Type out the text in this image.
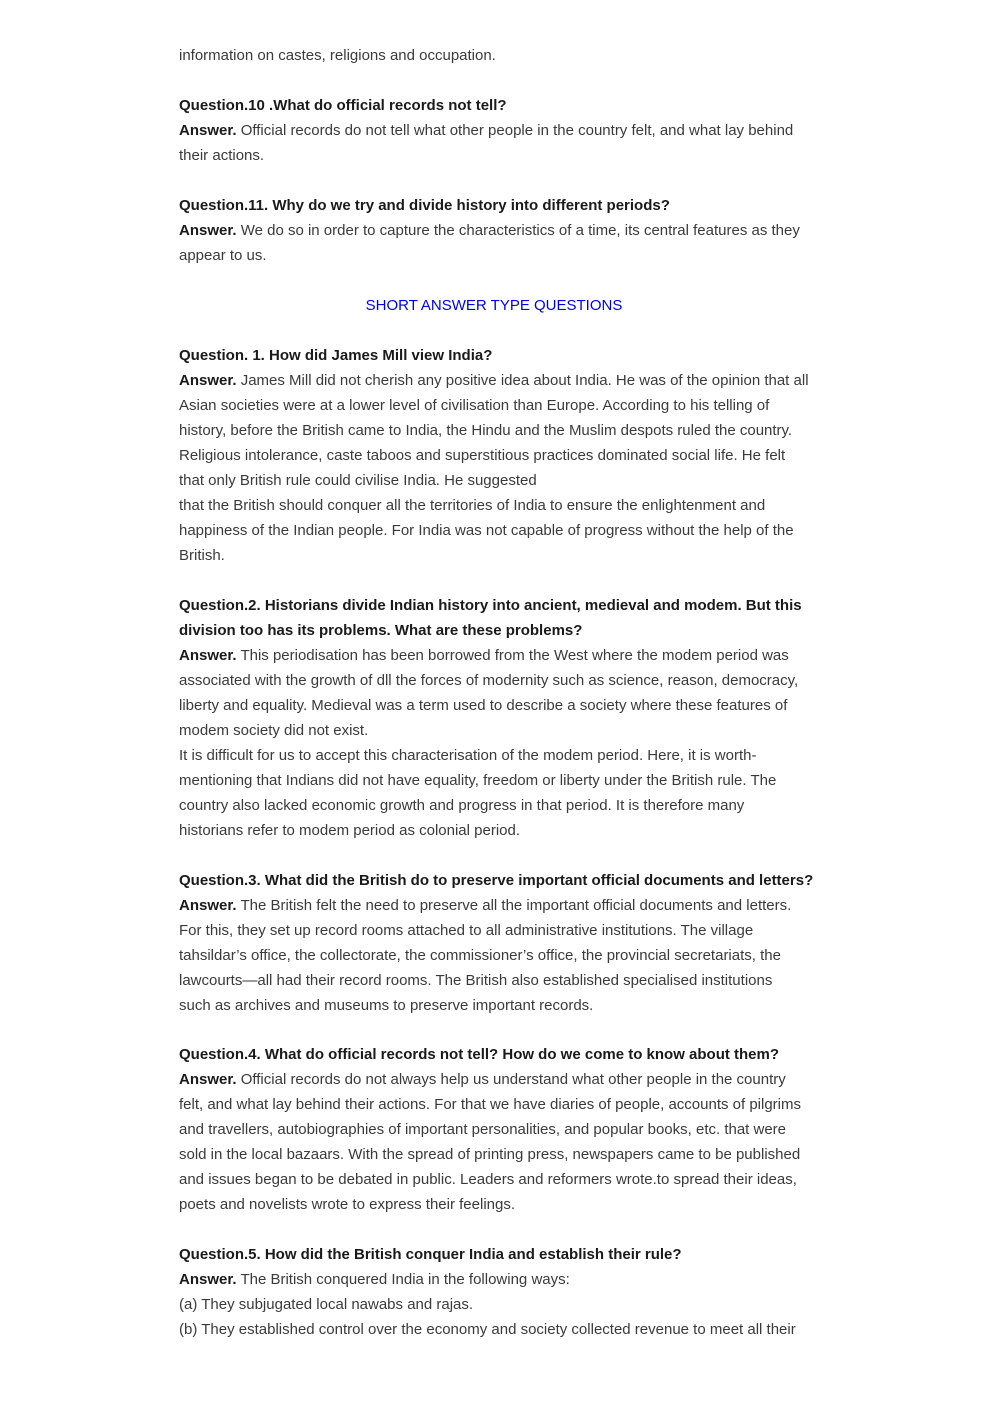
information on castes, religions and occupation.
Question.10 .What do official records not tell?
Answer. Official records do not tell what other people in the country felt, and what lay behind
their actions.
Question.11. Why do we try and divide history into different periods?
Answer. We do so in order to capture the characteristics of a time, its central features as they
appear to us.
SHORT ANSWER TYPE QUESTIONS
Question. 1. How did James Mill view India?
Answer. James Mill did not cherish any positive idea about India. He was of the opinion that all
Asian societies were at a lower level of civilisation than Europe. According to his telling of
history, before the British came to India, the Hindu and the Muslim despots ruled the country.
Religious intolerance, caste taboos and superstitious practices dominated social life. He felt
that only British rule could civilise India. He suggested
that the British should conquer all the territories of India to ensure the enlightenment and
happiness of the Indian people. For India was not capable of progress without the help of the
British.
Question.2. Historians divide Indian history into ancient, medieval and modem. But this
division too has its problems. What are these problems?
Answer. This periodisation has been borrowed from the West where the modem period was
associated with the growth of dll the forces of modernity such as science, reason, democracy,
liberty and equality. Medieval was a term used to describe a society where these features of
modem society did not exist.
It is difficult for us to accept this characterisation of the modem period. Here, it is worth-
mentioning that Indians did not have equality, freedom or liberty under the British rule. The
country also lacked economic growth and progress in that period. It is therefore many
historians refer to modem period as colonial period.
Question.3. What did the British do to preserve important official documents and letters?
Answer. The British felt the need to preserve all the important official documents and letters.
For this, they set up record rooms attached to all administrative institutions. The village
tahsildar’s office, the collectorate, the commissioner’s office, the provincial secretariats, the
lawcourts—all had their record rooms. The British also established specialised institutions
such as archives and museums to preserve important records.
Question.4. What do official records not tell? How do we come to know about them?
Answer. Official records do not always help us understand what other people in the country
felt, and what lay behind their actions. For that we have diaries of people, accounts of pilgrims
and travellers, autobiographies of important personalities, and popular books, etc. that were
sold in the local bazaars. With the spread of printing press, newspapers came to be published
and issues began to be debated in public. Leaders and reformers wrote.to spread their ideas,
poets and novelists wrote to express their feelings.
Question.5. How did the British conquer India and establish their rule?
Answer. The British conquered India in the following ways:
(a) They subjugated local nawabs and rajas.
(b) They established control over the economy and society collected revenue to meet all their
